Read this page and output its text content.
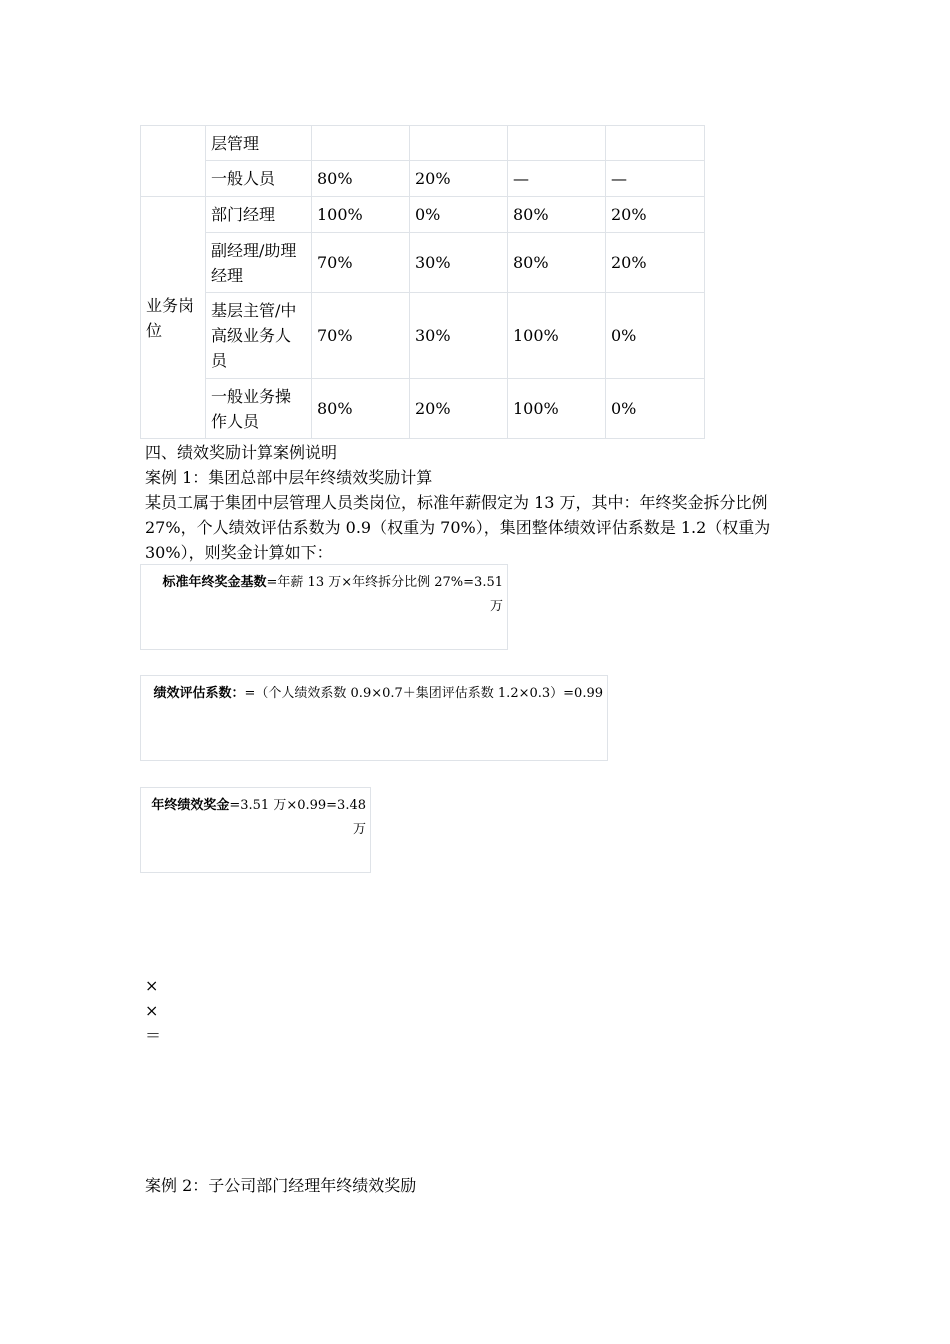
	层管理				
	一般人员	80%	20%	—	—
业务岗位	部门经理	100%	0%	80%	20%
	副经理/助理经理	70%	30%	80%	20%
	基层主管/中高级业务人员	70%	30%	100%	0%
	一般业务操作人员	80%	20%	100%	0%
四、绩效奖励计算案例说明
案例 1：集团总部中层年终绩效奖励计算
某员工属于集团中层管理人员类岗位，标准年薪假定为 13 万，其中：年终奖金拆分比例 27%，个人绩效评估系数为 0.9（权重为 70%），集团整体绩效评估系数是 1.2（权重为 30%），则奖金计算如下：
标准年终奖金基数=年薪 13 万×年终拆分比例 27%=3.51 万
绩效评估系数：=（个人绩效系数 0.9×0.7＋集团评估系数 1.2×0.3）=0.99
年终绩效奖金=3.51 万×0.99=3.48 万
×
×
＝
案例 2：子公司部门经理年终绩效奖励
